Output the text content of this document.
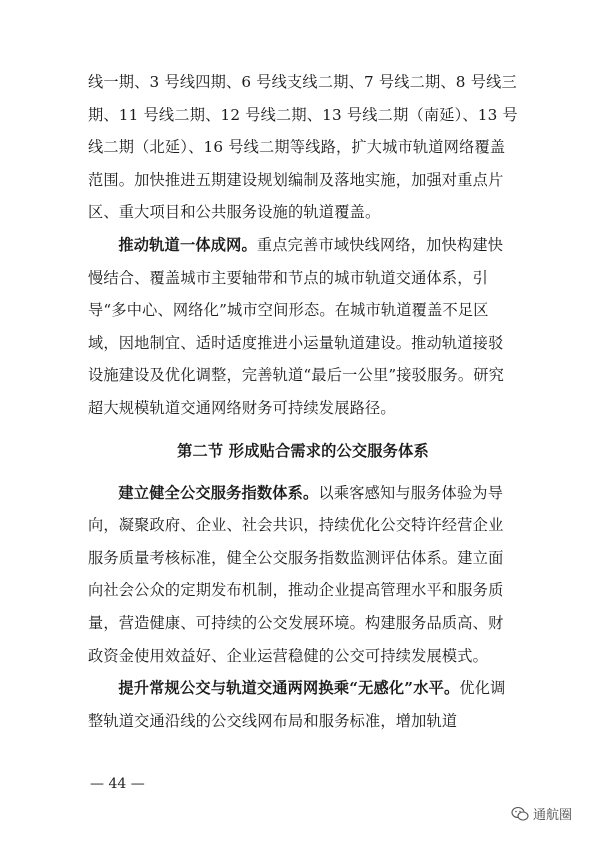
线一期、3 号线四期、6 号线支线二期、7 号线二期、8 号线三期、11 号线二期、12 号线二期、13 号线二期（南延）、13 号线二期（北延）、16 号线二期等线路，扩大城市轨道网络覆盖范围。加快推进五期建设规划编制及落地实施，加强对重点片区、重大项目和公共服务设施的轨道覆盖。

推动轨道一体成网。重点完善市域快线网络，加快构建快慢结合、覆盖城市主要轴带和节点的城市轨道交通体系，引导“多中心、网络化”城市空间形态。在城市轨道覆盖不足区域，因地制宜、适时适度推进小运量轨道建设。推动轨道接驳设施建设及优化调整，完善轨道“最后一公里”接驳服务。研究超大规模轨道交通网络财务可持续发展路径。

第二节 形成贴合需求的公交服务体系

建立健全公交服务指数体系。以乘客感知与服务体验为导向，凝聚政府、企业、社会共识，持续优化公交特许经营企业服务质量考核标准，健全公交服务指数监测评估体系。建立面向社会公众的定期发布机制，推动企业提高管理水平和服务质量，营造健康、可持续的公交发展环境。构建服务品质高、财政资金使用效益好、企业运营稳健的公交可持续发展模式。

提升常规公交与轨道交通两网换乘“无感化”水平。优化调整轨道交通沿线的公交线网布局和服务标准，增加轨道

— 44 —
通航圈
